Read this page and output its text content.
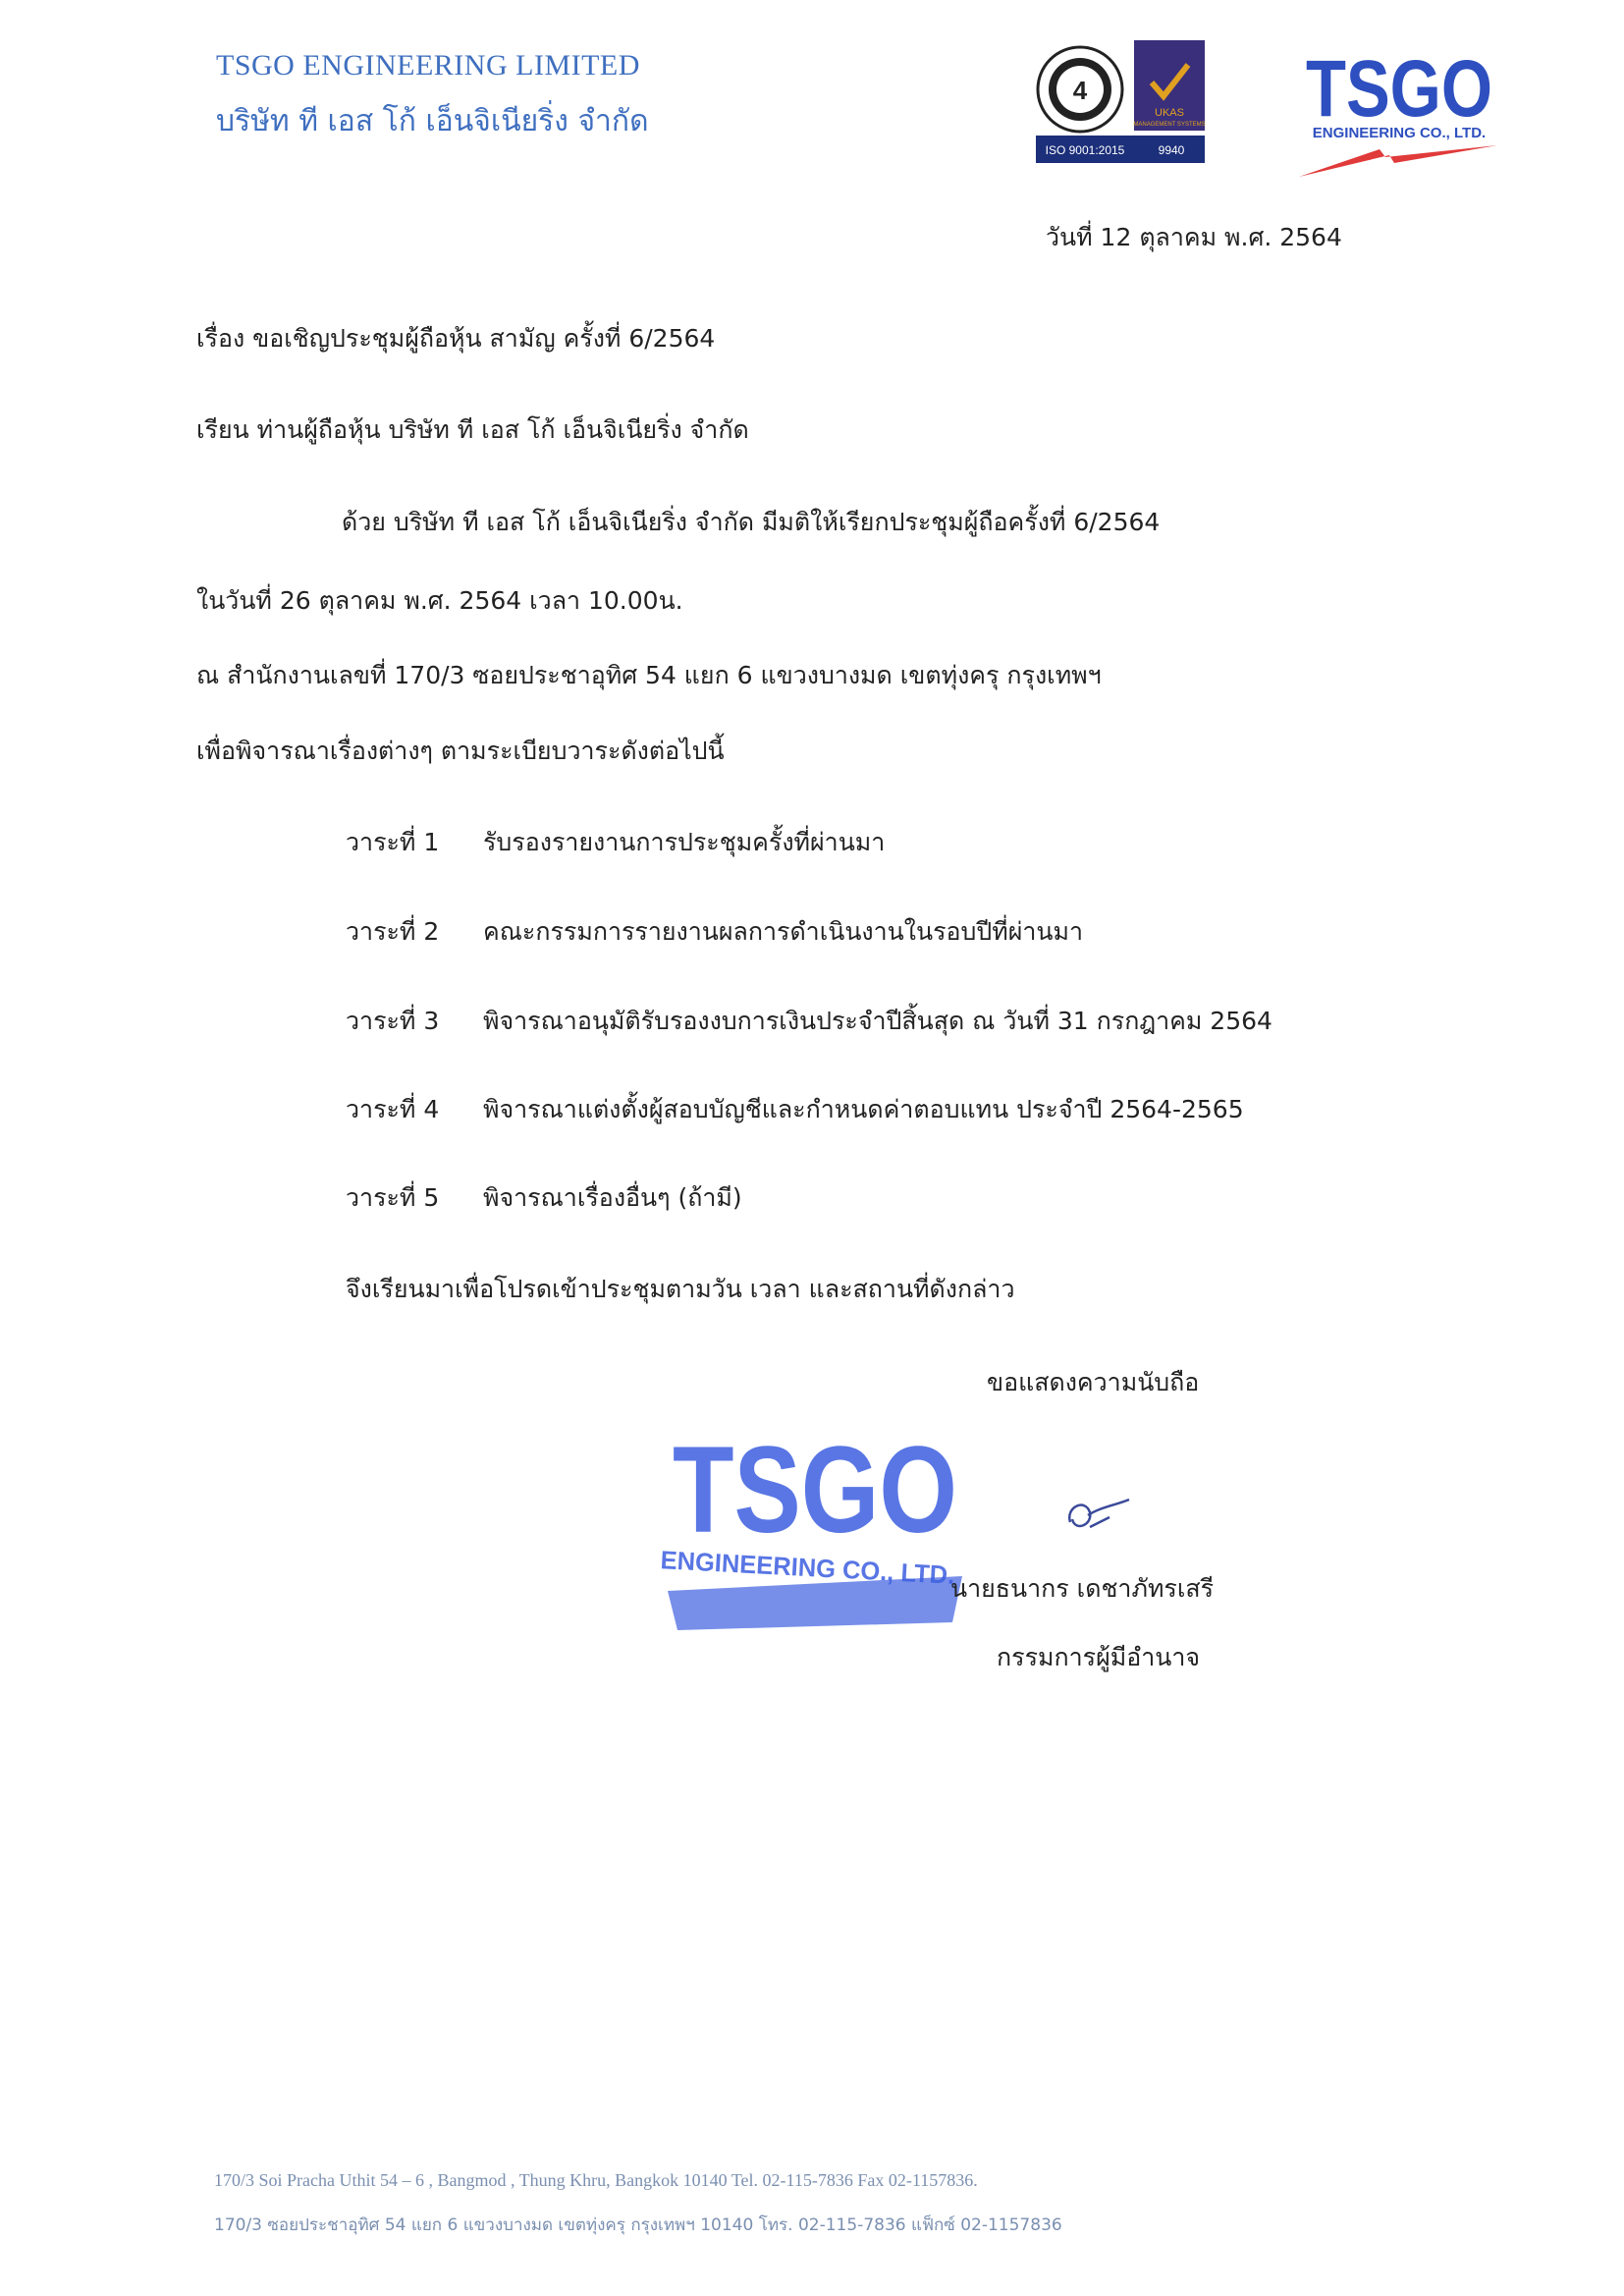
TSGO ENGINEERING LIMITED
บริษัท ที เอส โก้ เอ็นจิเนียริ่ง จำกัด
4
UKAS
MANAGEMENT SYSTEMS
ISO 9001:2015	9940
TSGO
ENGINEERING CO., LTD.
วันที่ 12 ตุลาคม พ.ศ. 2564
เรื่อง ขอเชิญประชุมผู้ถือหุ้น สามัญ ครั้งที่ 6/2564
เรียน ท่านผู้ถือหุ้น บริษัท ที เอส โก้ เอ็นจิเนียริ่ง จำกัด
ด้วย บริษัท ที เอส โก้ เอ็นจิเนียริ่ง จำกัด มีมติให้เรียกประชุมผู้ถือครั้งที่ 6/2564
ในวันที่ 26 ตุลาคม พ.ศ. 2564 เวลา 10.00น.
ณ สำนักงานเลขที่ 170/3 ซอยประชาอุทิศ 54 แยก 6 แขวงบางมด เขตทุ่งครุ กรุงเทพฯ
เพื่อพิจารณาเรื่องต่างๆ ตามระเบียบวาระดังต่อไปนี้
วาระที่ 1 รับรองรายงานการประชุมครั้งที่ผ่านมา
วาระที่ 2 คณะกรรมการรายงานผลการดำเนินงานในรอบปีที่ผ่านมา
วาระที่ 3 พิจารณาอนุมัติรับรองงบการเงินประจำปีสิ้นสุด ณ วันที่ 31 กรกฎาคม 2564
วาระที่ 4 พิจารณาแต่งตั้งผู้สอบบัญชีและกำหนดค่าตอบแทน ประจำปี 2564-2565
วาระที่ 5 พิจารณาเรื่องอื่นๆ (ถ้ามี)
จึงเรียนมาเพื่อโปรดเข้าประชุมตามวัน เวลา และสถานที่ดังกล่าว
ขอแสดงความนับถือ
TSGO
ENGINEERING CO., LTD.
นายธนากร เดชาภัทรเสรี
กรรมการผู้มีอำนาจ
170/3 Soi Pracha Uthit 54 – 6 , Bangmod , Thung Khru, Bangkok 10140 Tel. 02-115-7836 Fax 02-1157836.
170/3 ซอยประชาอุทิศ 54 แยก 6 แขวงบางมด เขตทุ่งครุ กรุงเทพฯ 10140 โทร. 02-115-7836 แฟ็กซ์ 02-1157836
